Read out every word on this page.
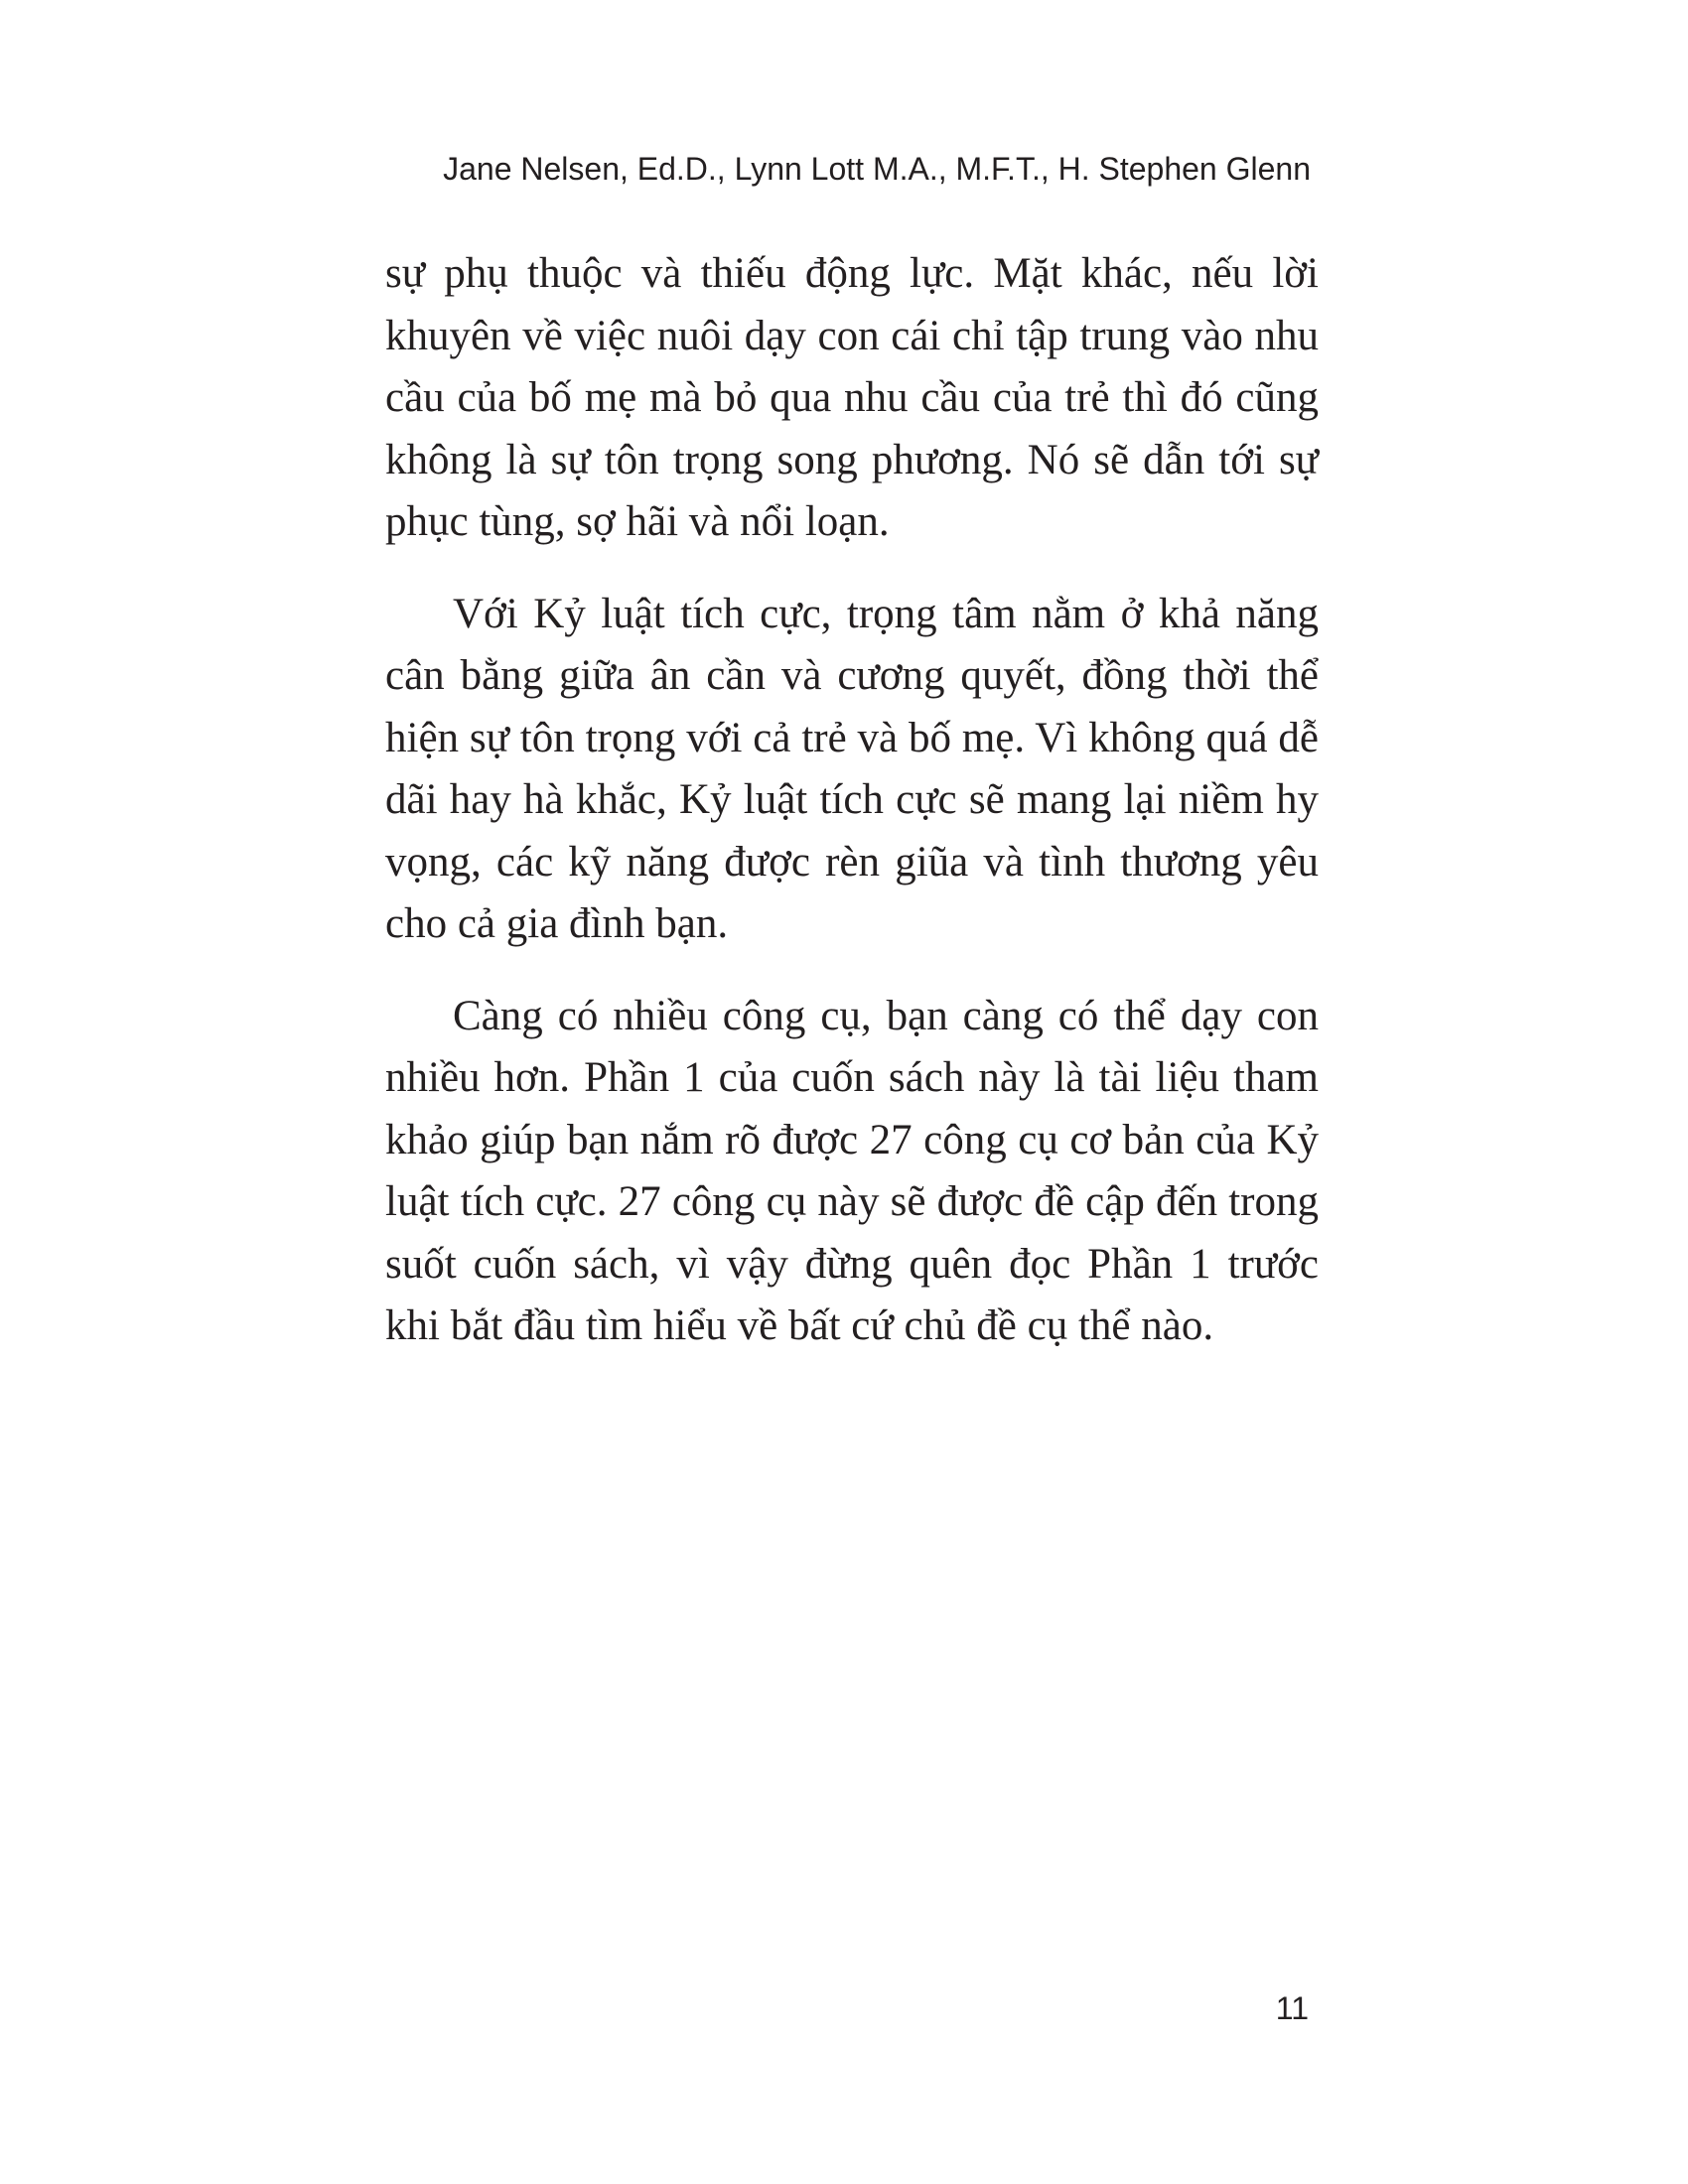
Jane Nelsen, Ed.D., Lynn Lott M.A., M.F.T., H. Stephen Glenn

sự phụ thuộc và thiếu động lực. Mặt khác, nếu lời khuyên về việc nuôi dạy con cái chỉ tập trung vào nhu cầu của bố mẹ mà bỏ qua nhu cầu của trẻ thì đó cũng không là sự tôn trọng song phương. Nó sẽ dẫn tới sự phục tùng, sợ hãi và nổi loạn.

Với Kỷ luật tích cực, trọng tâm nằm ở khả năng cân bằng giữa ân cần và cương quyết, đồng thời thể hiện sự tôn trọng với cả trẻ và bố mẹ. Vì không quá dễ dãi hay hà khắc, Kỷ luật tích cực sẽ mang lại niềm hy vọng, các kỹ năng được rèn giũa và tình thương yêu cho cả gia đình bạn.

Càng có nhiều công cụ, bạn càng có thể dạy con nhiều hơn. Phần 1 của cuốn sách này là tài liệu tham khảo giúp bạn nắm rõ được 27 công cụ cơ bản của Kỷ luật tích cực. 27 công cụ này sẽ được đề cập đến trong suốt cuốn sách, vì vậy đừng quên đọc Phần 1 trước khi bắt đầu tìm hiểu về bất cứ chủ đề cụ thể nào.

11
